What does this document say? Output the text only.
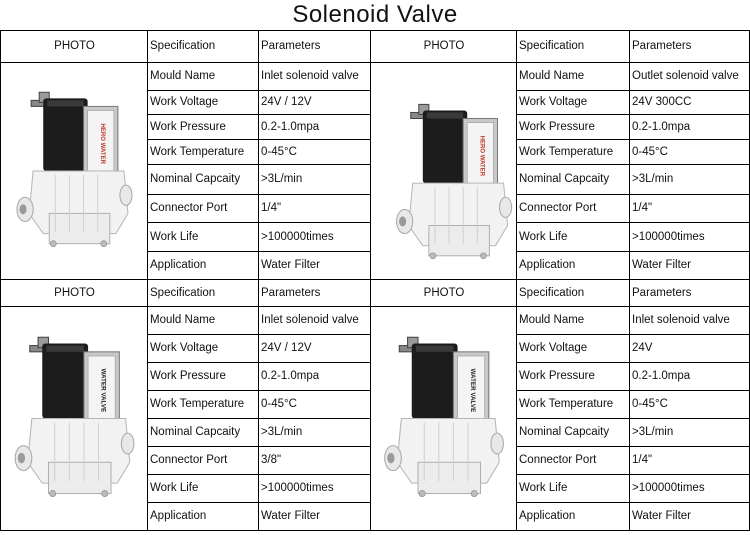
Solenoid Valve
PHOTO	Specification	Parameters
Mould Name	Inlet solenoid valve
Work Voltage	24V / 12V
Work Pressure	0.2-1.0mpa
Work Temperature	0-45°C
Nominal Capcaity	>3L/min
Connector Port	1/4"
Work Life	>100000times
Application	Water Filter
HERO WATER
PHOTO	Specification	Parameters
Mould Name	Outlet solenoid valve
Work Voltage	24V 300CC
Work Pressure	0.2-1.0mpa
Work Temperature	0-45°C
Nominal Capcaity	>3L/min
Connector Port	1/4"
Work Life	>100000times
Application	Water Filter
HERO WATER
PHOTO	Specification	Parameters
Mould Name	Inlet solenoid valve
Work Voltage	24V / 12V
Work Pressure	0.2-1.0mpa
Work Temperature	0-45°C
Nominal Capcaity	>3L/min
Connector Port	3/8"
Work Life	>100000times
Application	Water Filter
WATER VALVE
PHOTO	Specification	Parameters
Mould Name	Inlet solenoid valve
Work Voltage	24V
Work Pressure	0.2-1.0mpa
Work Temperature	0-45°C
Nominal Capcaity	>3L/min
Connector Port	1/4"
Work Life	>100000times
Application	Water Filter
WATER VALVE
